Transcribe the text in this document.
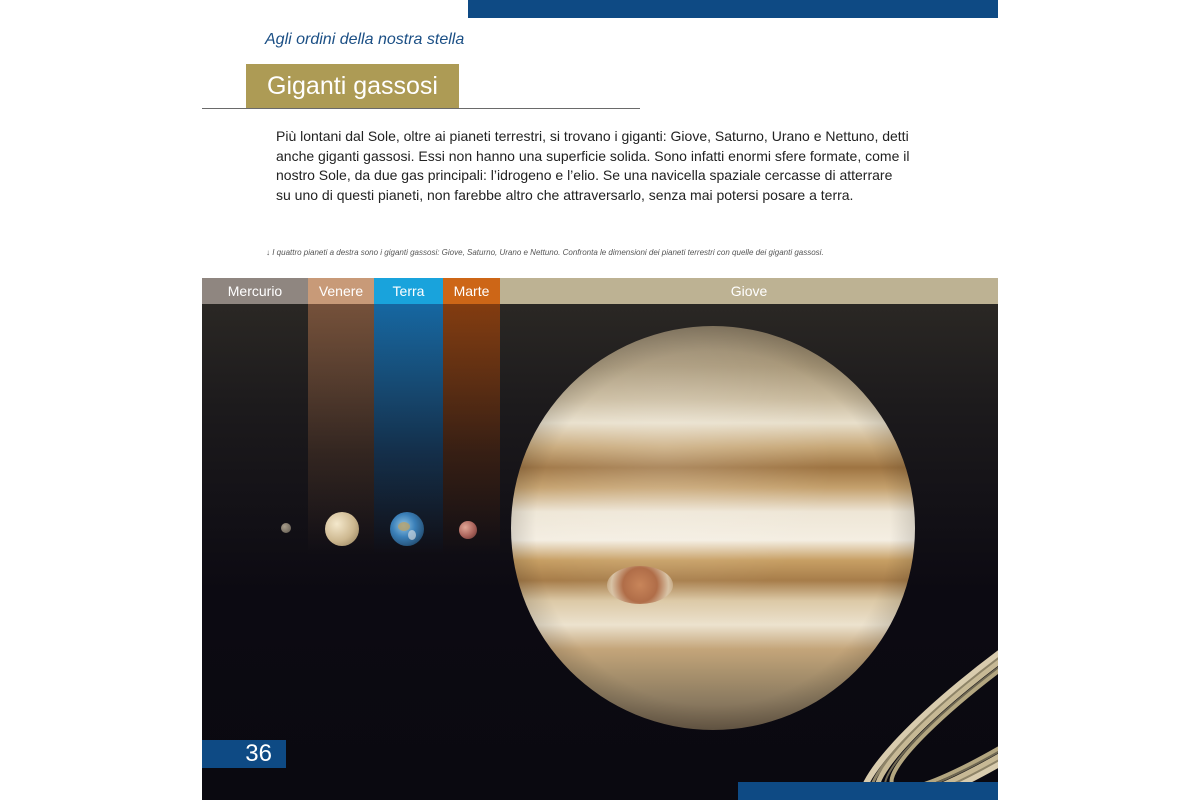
Agli ordini della nostra stella
Giganti gassosi

Più lontani dal Sole, oltre ai pianeti terrestri, si trovano i giganti: Giove, Saturno, Urano e Nettuno, detti

anche giganti gassosi. Essi non hanno una superficie solida. Sono infatti enormi sfere formate, come il

nostro Sole, da due gas principali: l’idrogeno e l’elio. Se una navicella spaziale cercasse di atterrare

su uno di questi pianeti, non farebbe altro che attraversarlo, senza mai potersi posare a terra.

↓ I quattro pianeti a destra sono i giganti gassosi: Giove, Saturno, Urano e Nettuno. Confronta le dimensioni dei pianeti terrestri con quelle dei giganti gassosi.
Mercurio	Venere	Terra	Marte	Giove
36
